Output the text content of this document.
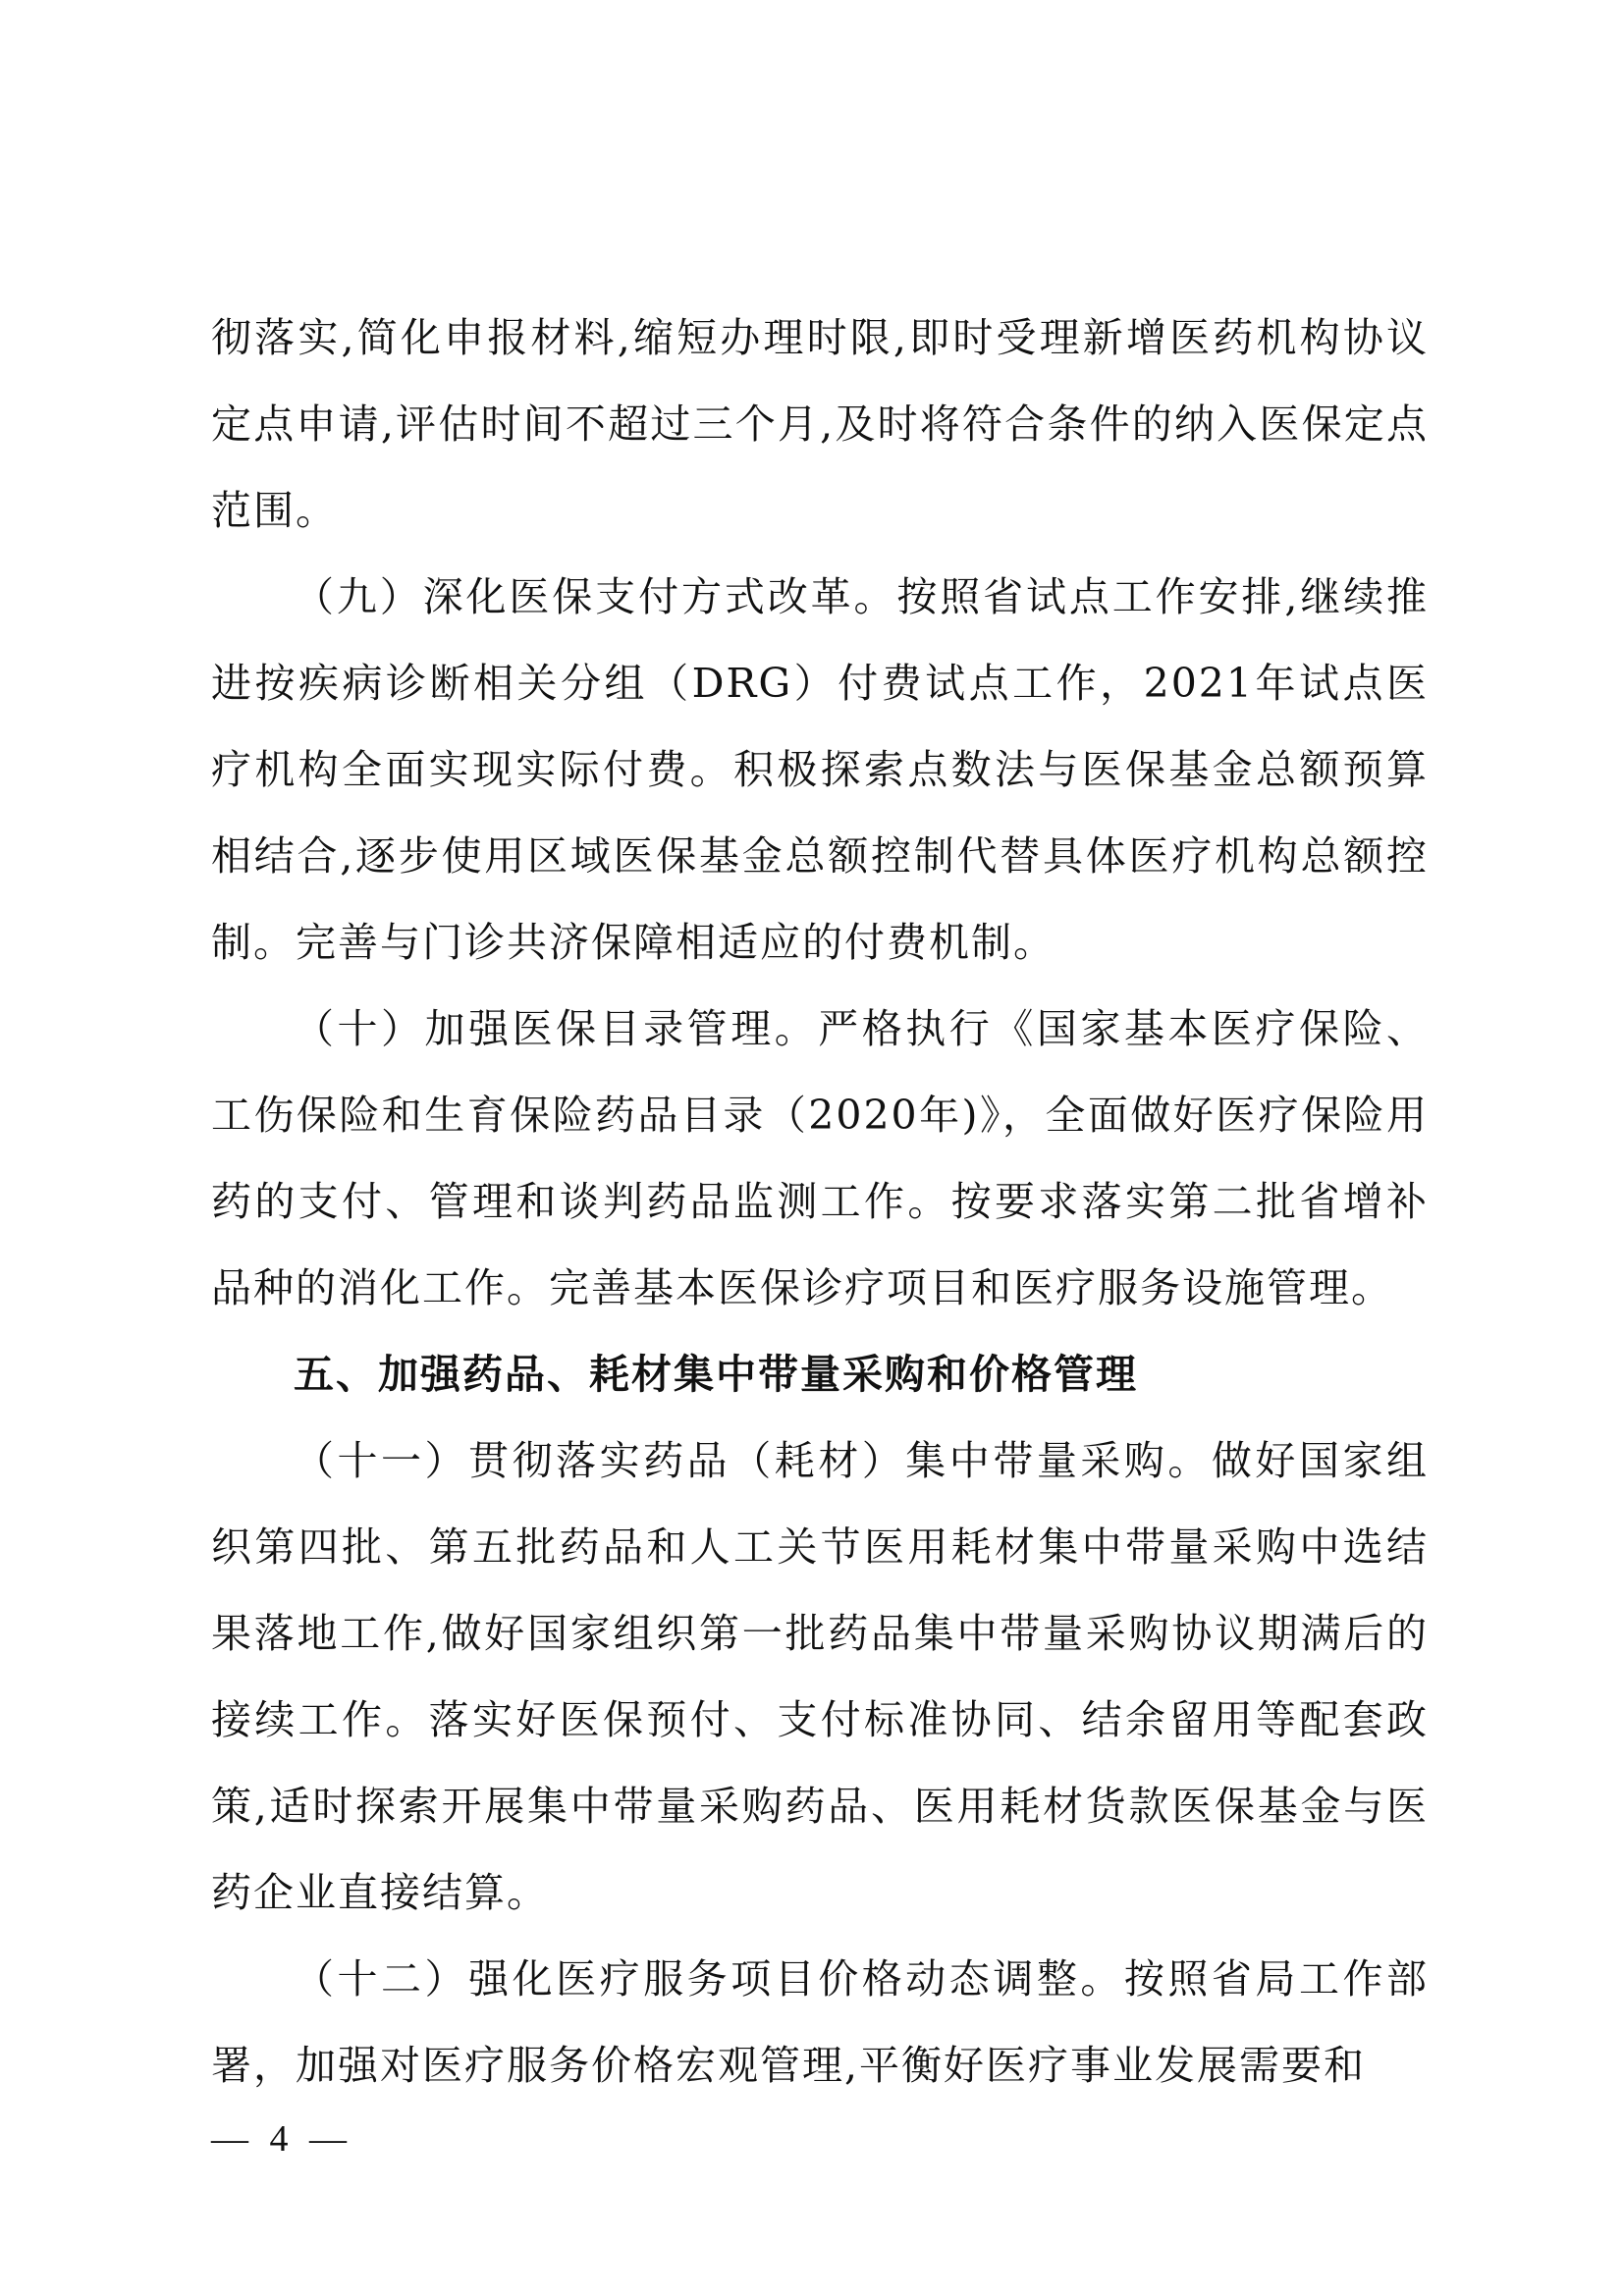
彻落实,简化申报材料,缩短办理时限,即时受理新增医药机构协议定点申请,评估时间不超过三个月,及时将符合条件的纳入医保定点范围。

（九）深化医保支付方式改革。按照省试点工作安排,继续推进按疾病诊断相关分组（DRG）付费试点工作，2021年试点医疗机构全面实现实际付费。积极探索点数法与医保基金总额预算相结合,逐步使用区域医保基金总额控制代替具体医疗机构总额控制。完善与门诊共济保障相适应的付费机制。

（十）加强医保目录管理。严格执行《国家基本医疗保险、工伤保险和生育保险药品目录（2020年)》，全面做好医疗保险用药的支付、管理和谈判药品监测工作。按要求落实第二批省增补品种的消化工作。完善基本医保诊疗项目和医疗服务设施管理。

五、加强药品、耗材集中带量采购和价格管理

（十一）贯彻落实药品（耗材）集中带量采购。做好国家组织第四批、第五批药品和人工关节医用耗材集中带量采购中选结果落地工作,做好国家组织第一批药品集中带量采购协议期满后的接续工作。落实好医保预付、支付标准协同、结余留用等配套政策,适时探索开展集中带量采购药品、医用耗材货款医保基金与医药企业直接结算。

（十二）强化医疗服务项目价格动态调整。按照省局工作部署，加强对医疗服务价格宏观管理,平衡好医疗事业发展需要和

— 4 —
